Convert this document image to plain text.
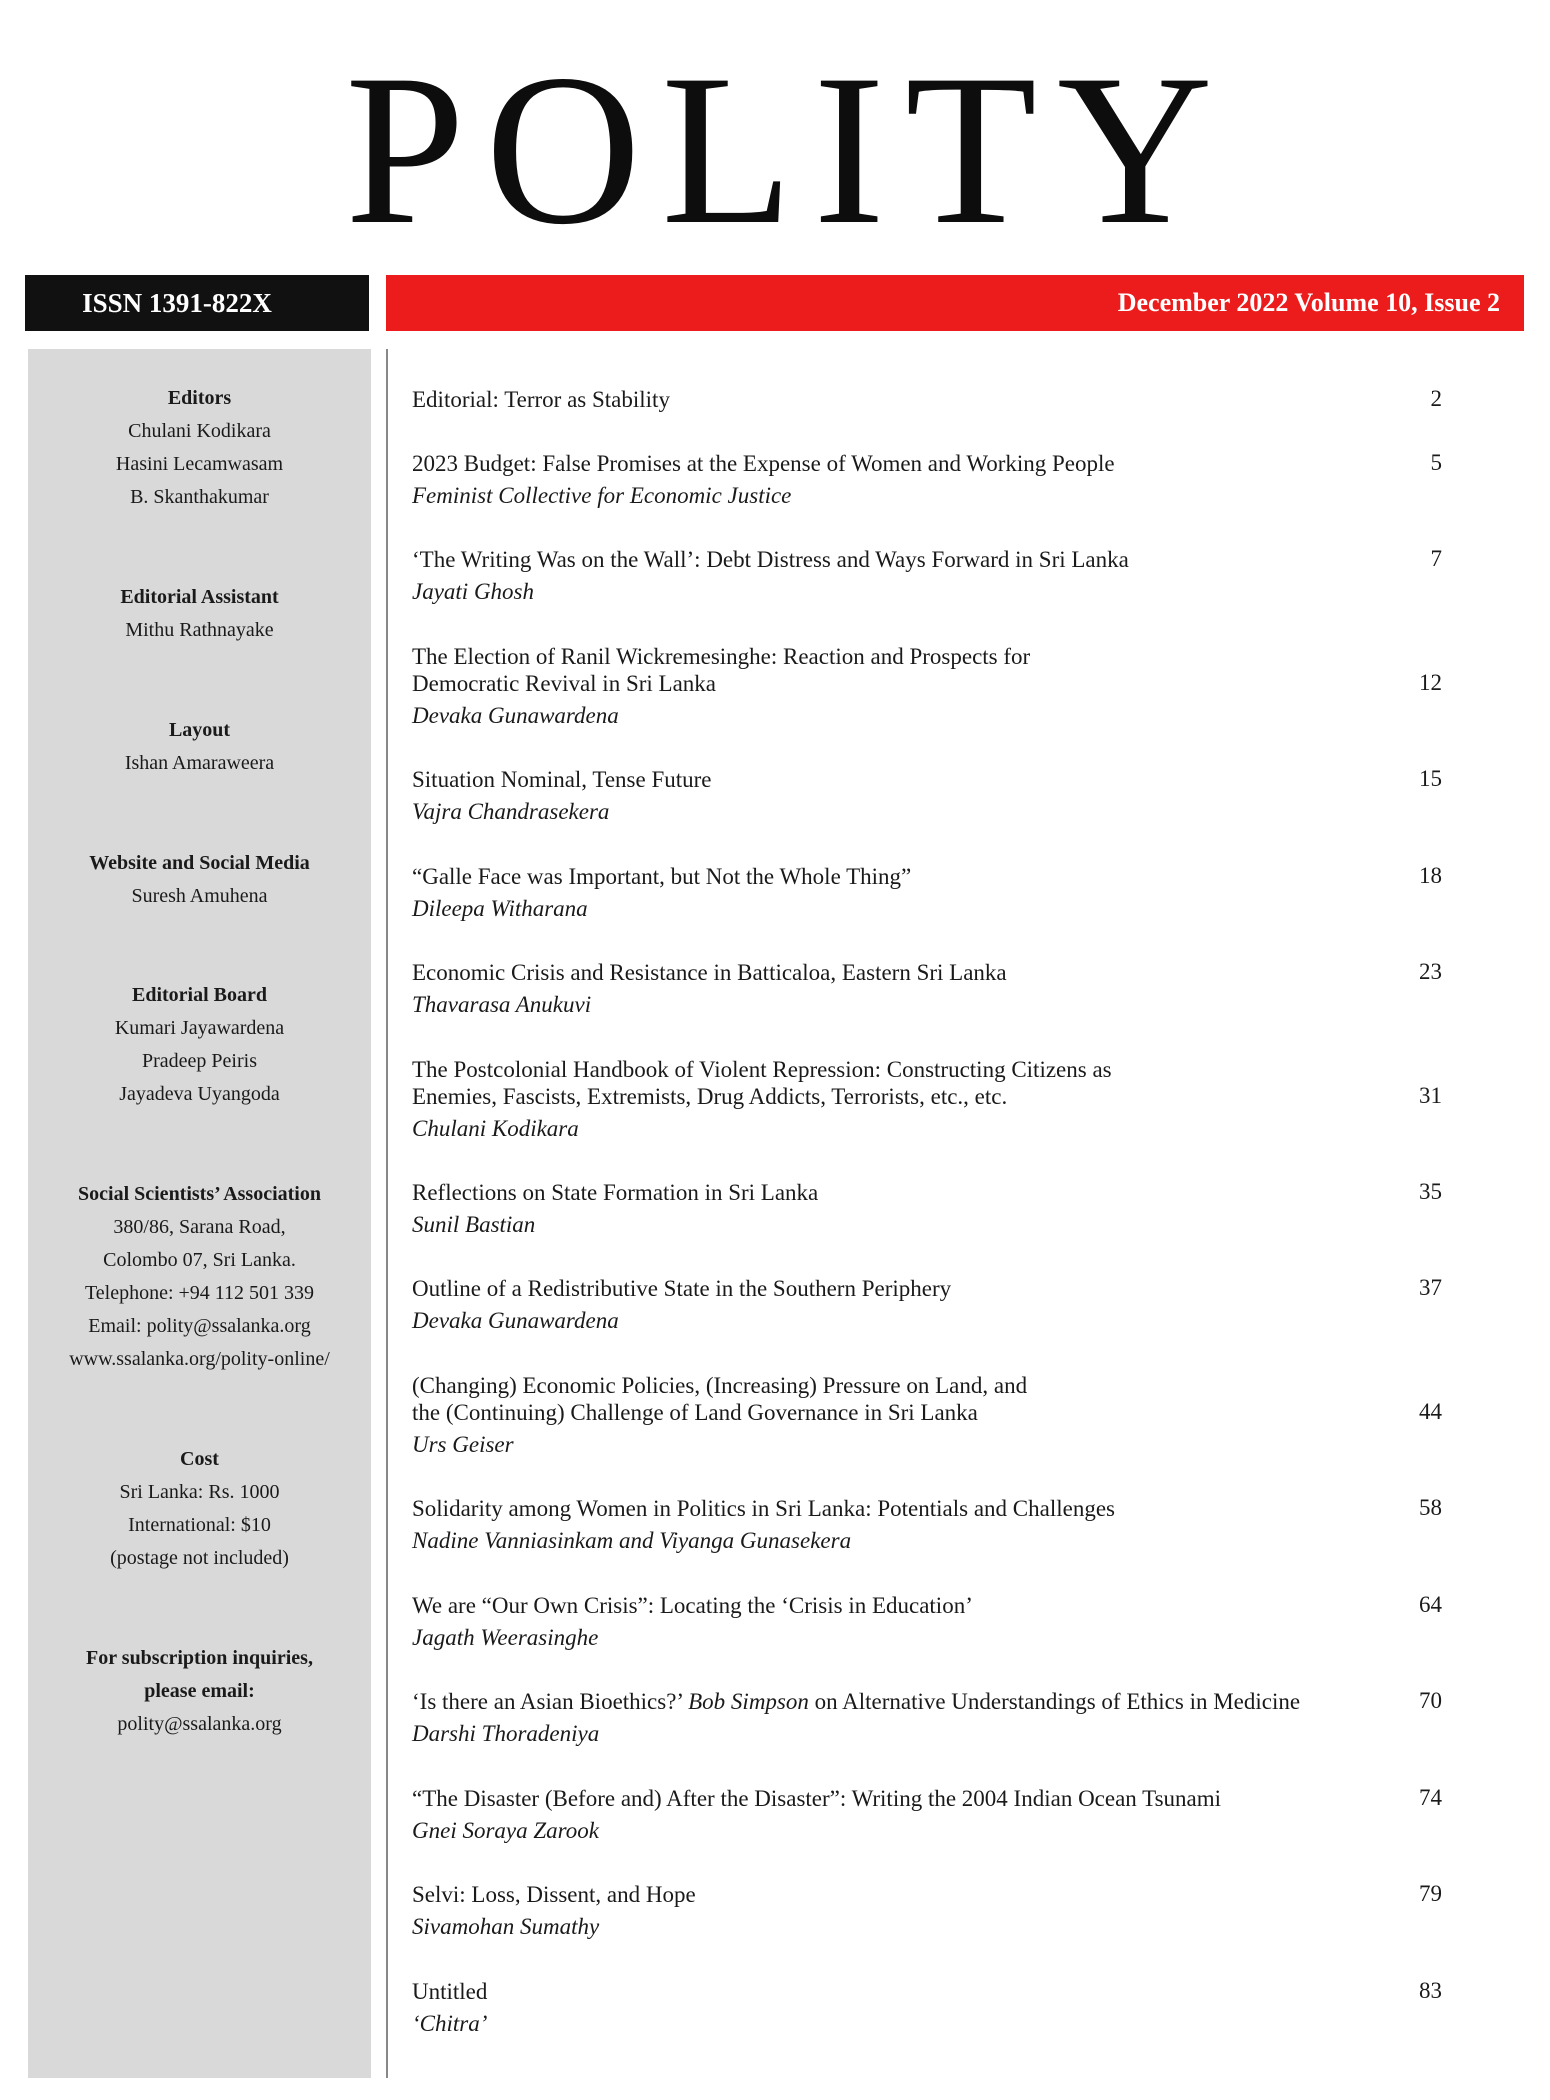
POLITY
ISSN 1391-822X	December 2022 Volume 10, Issue 2
Editors
Chulani Kodikara
Hasini Lecamwasam
B. Skanthakumar
Editorial Assistant
Mithu Rathnayake
Layout
Ishan Amaraweera
Website and Social Media
Suresh Amuhena
Editorial Board
Kumari Jayawardena
Pradeep Peiris
Jayadeva Uyangoda
Social Scientists’ Association
380/86, Sarana Road,
Colombo 07, Sri Lanka.
Telephone: +94 112 501 339
Email: polity@ssalanka.org
www.ssalanka.org/polity-online/
Cost
Sri Lanka: Rs. 1000
International: $10
(postage not included)
For subscription inquiries,
please email:
polity@ssalanka.org
Editorial: Terror as Stability	2
2023 Budget: False Promises at the Expense of Women and Working People
Feminist Collective for Economic Justice
5
‘The Writing Was on the Wall’: Debt Distress and Ways Forward in Sri Lanka
Jayati Ghosh
7
The Election of Ranil Wickremesinghe: Reaction and Prospects for
Democratic Revival in Sri Lanka
Devaka Gunawardena
12
Situation Nominal, Tense Future
Vajra Chandrasekera
15
“Galle Face was Important, but Not the Whole Thing”
Dileepa Witharana
18
Economic Crisis and Resistance in Batticaloa, Eastern Sri Lanka
Thavarasa Anukuvi
23
The Postcolonial Handbook of Violent Repression: Constructing Citizens as
Enemies, Fascists, Extremists, Drug Addicts, Terrorists, etc., etc.
Chulani Kodikara
31
Reflections on State Formation in Sri Lanka
Sunil Bastian
35
Outline of a Redistributive State in the Southern Periphery
Devaka Gunawardena
37
(Changing) Economic Policies, (Increasing) Pressure on Land, and
the (Continuing) Challenge of Land Governance in Sri Lanka
Urs Geiser
44
Solidarity among Women in Politics in Sri Lanka: Potentials and Challenges
Nadine Vanniasinkam and Viyanga Gunasekera
58
We are “Our Own Crisis”: Locating the ‘Crisis in Education’
Jagath Weerasinghe
64
‘Is there an Asian Bioethics?’ Bob Simpson on Alternative Understandings of Ethics in Medicine
Darshi Thoradeniya
70
“The Disaster (Before and) After the Disaster”: Writing the 2004 Indian Ocean Tsunami
Gnei Soraya Zarook
74
Selvi: Loss, Dissent, and Hope
Sivamohan Sumathy
79
Untitled
‘Chitra’
83
